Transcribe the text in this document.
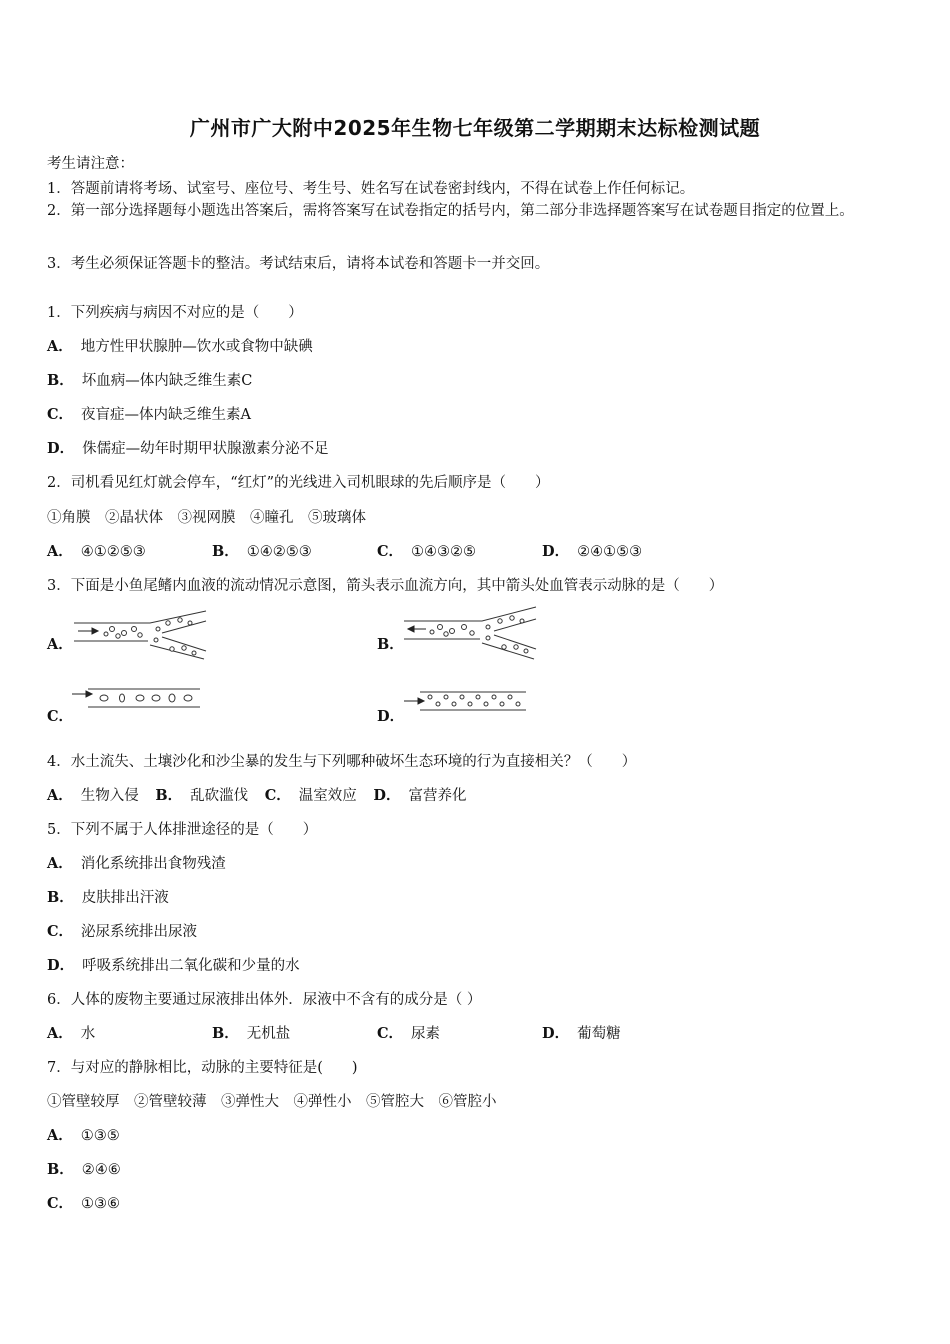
广州市广大附中2025年生物七年级第二学期期末达标检测试题
考生请注意：
1．答题前请将考场、试室号、座位号、考生号、姓名写在试卷密封线内，不得在试卷上作任何标记。
2．第一部分选择题每小题选出答案后，需将答案写在试卷指定的括号内，第二部分非选择题答案写在试卷题目指定的位置上。
3．考生必须保证答题卡的整洁。考试结束后，请将本试卷和答题卡一并交回。
1．下列疾病与病因不对应的是（　　）
A． 地方性甲状腺肿—饮水或食物中缺碘
B． 坏血病—体内缺乏维生素C
C． 夜盲症—体内缺乏维生素A
D． 侏儒症—幼年时期甲状腺激素分泌不足
2．司机看见红灯就会停车，“红灯”的光线进入司机眼球的先后顺序是（　　）
①角膜　②晶状体　③视网膜　④瞳孔　⑤玻璃体
A． ④①②⑤③	B． ①④②⑤③	C． ①④③②⑤	D． ②④①⑤③
3．下面是小鱼尾鳍内血液的流动情况示意图，箭头表示血流方向，其中箭头处血管表示动脉的是（　　）
A．	B．
C．	D．
4．水土流失、土壤沙化和沙尘暴的发生与下列哪种破坏生态环境的行为直接相关？（　　）
A． 生物入侵 B． 乱砍滥伐 C． 温室效应 D． 富营养化
5．下列不属于人体排泄途径的是（　　）
A． 消化系统排出食物残渣
B． 皮肤排出汗液
C． 泌尿系统排出尿液
D． 呼吸系统排出二氧化碳和少量的水
6．人体的废物主要通过尿液排出体外．尿液中不含有的成分是（ ）
A． 水	B． 无机盐	C． 尿素	D． 葡萄糖
7．与对应的静脉相比，动脉的主要特征是(　　)
①管壁较厚　②管壁较薄　③弹性大　④弹性小　⑤管腔大　⑥管腔小
A． ①③⑤
B． ②④⑥
C． ①③⑥
